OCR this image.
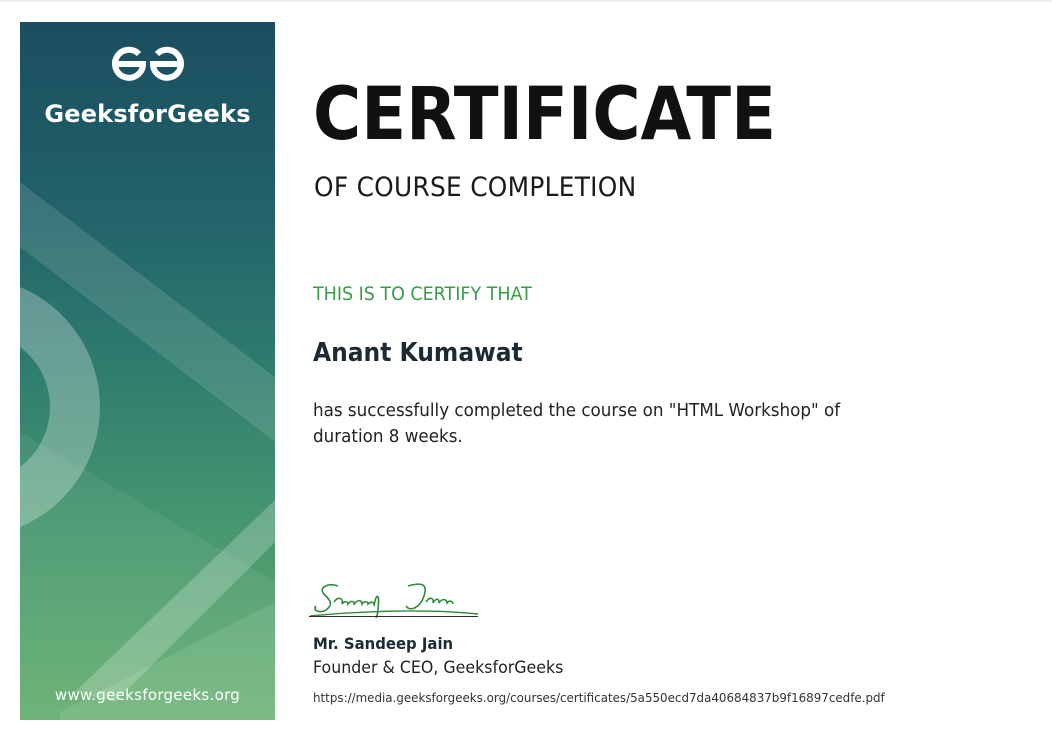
GeeksforGeeks
www.geeksforgeeks.org
CERTIFICATE
OF COURSE COMPLETION
THIS IS TO CERTIFY THAT
Anant Kumawat
has successfully completed the course on "HTML Workshop" of duration 8 weeks.
Mr. Sandeep Jain
Founder & CEO, GeeksforGeeks
https://media.geeksforgeeks.org/courses/certificates/5a550ecd7da40684837b9f16897cedfe.pdf
